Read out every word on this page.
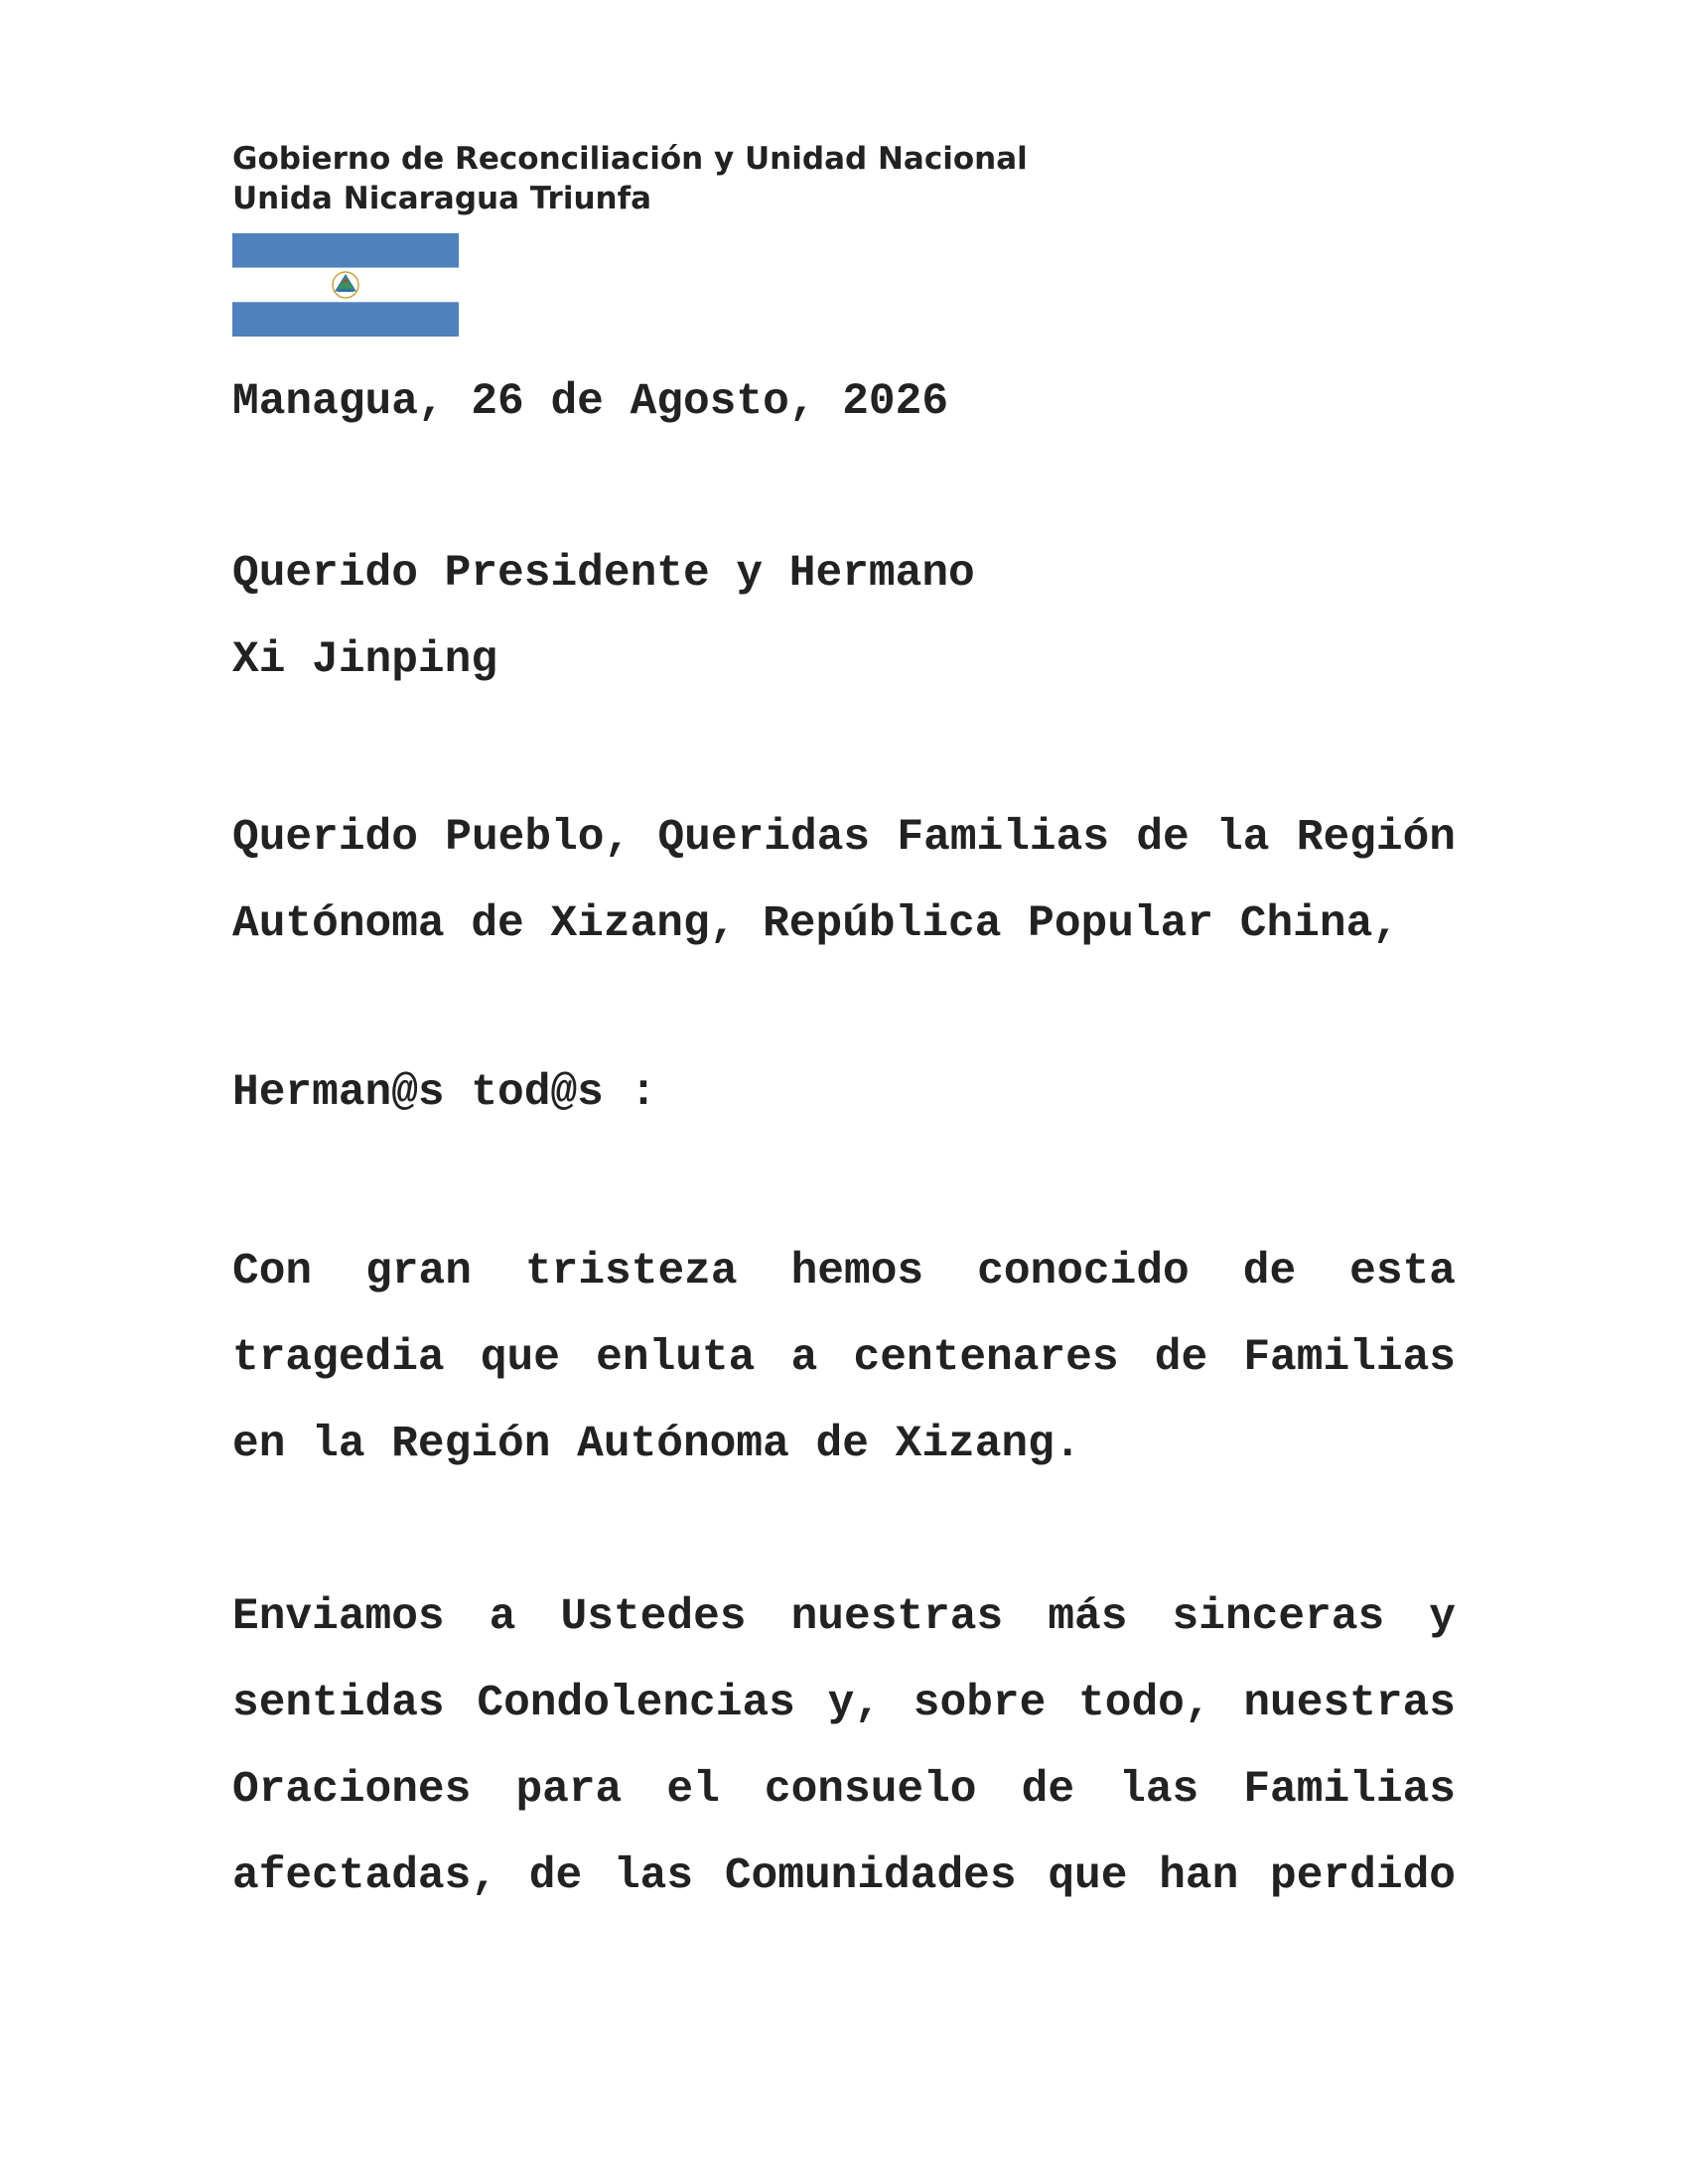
Gobierno de Reconciliación y Unidad Nacional

Unida Nicaragua Triunfa

Managua, 26 de Agosto, 2026

Querido Presidente y Hermano

Xi Jinping

Querido Pueblo, Queridas Familias de la Región
Autónoma de Xizang, República Popular China,

Herman@s tod@s :

Con gran tristeza hemos conocido de esta
tragedia que enluta a centenares de Familias
en la Región Autónoma de Xizang.
Enviamos a Ustedes nuestras más sinceras y
sentidas Condolencias y, sobre todo, nuestras
Oraciones para el consuelo de las Familias
afectadas, de las Comunidades que han perdido
